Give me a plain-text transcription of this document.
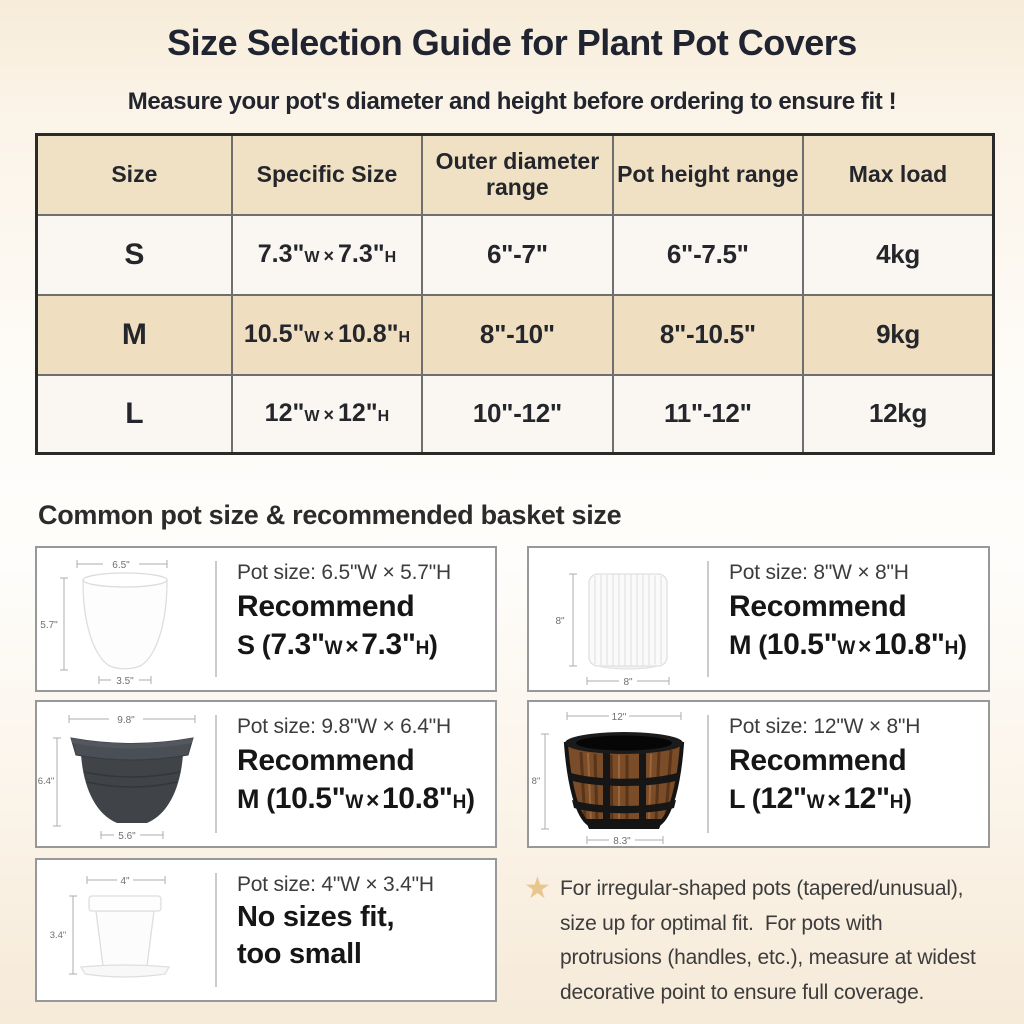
Size Selection Guide for Plant Pot Covers
Measure your pot's diameter and height before ordering to ensure fit !
Size	Specific Size	Outer diameter range	Pot height range	Max load
S	7.3"W × 7.3"H	6"-7"	6"-7.5"	4kg
M	10.5"W × 10.8"H	8"-10"	8"-10.5"	9kg
L	12"W × 12"H	10"-12"	11"-12"	12kg
Common pot size & recommended basket size
6.5"
5.7"
3.5"
Pot size: 6.5"W × 5.7"H
Recommend
S (7.3"W × 7.3"H)
8"
8"
Pot size: 8"W × 8"H
Recommend
M (10.5"W × 10.8"H)
9.8"
6.4"
5.6"
Pot size: 9.8"W × 6.4"H
Recommend
M (10.5"W × 10.8"H)
12"
8"
8.3"
Pot size: 12"W × 8"H
Recommend
L (12"W × 12"H)
4"
3.4"
Pot size: 4"W × 3.4"H
No sizes fit,
too small
★ For irregular-shaped pots (tapered/unusual),
size up for optimal fit.  For pots with
protrusions (handles, etc.), measure at widest
decorative point to ensure full coverage.
